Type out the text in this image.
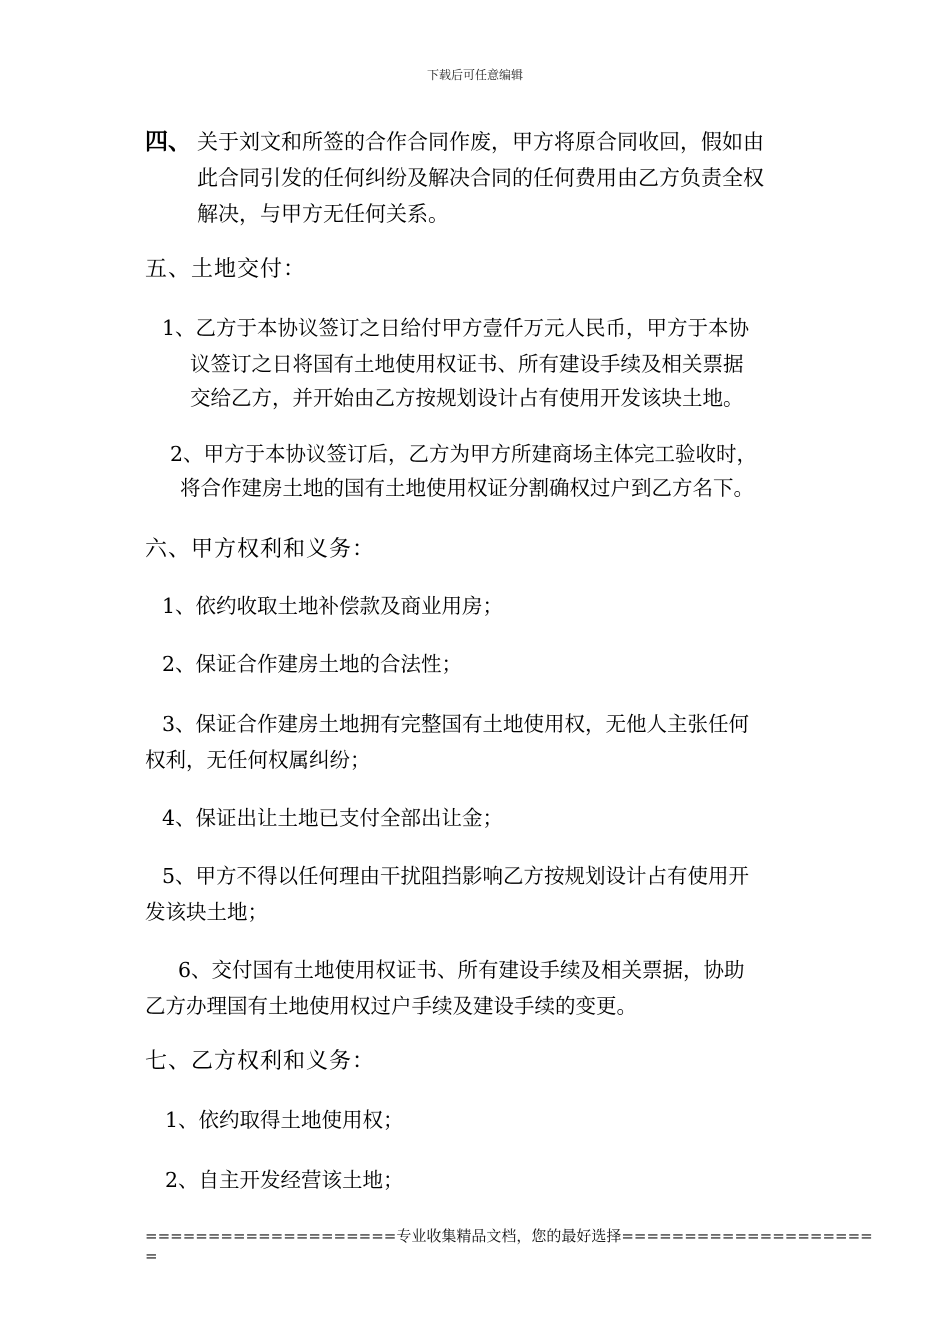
下载后可任意编辑
四、 关于刘文和所签的合作合同作废，甲方将原合同收回，假如由
此合同引发的任何纠纷及解决合同的任何费用由乙方负责全权
解决，与甲方无任何关系。
五、土地交付：
1、乙方于本协议签订之日给付甲方壹仟万元人民币，甲方于本协
议签订之日将国有土地使用权证书、所有建设手续及相关票据
交给乙方，并开始由乙方按规划设计占有使用开发该块土地。
2、甲方于本协议签订后，乙方为甲方所建商场主体完工验收时，
将合作建房土地的国有土地使用权证分割确权过户到乙方名下。
六、甲方权利和义务：
1、依约收取土地补偿款及商业用房；
2、保证合作建房土地的合法性；
3、保证合作建房土地拥有完整国有土地使用权，无他人主张任何
权利，无任何权属纠纷；
4、保证出让土地已支付全部出让金；
5、甲方不得以任何理由干扰阻挡影响乙方按规划设计占有使用开
发该块土地；
6、交付国有土地使用权证书、所有建设手续及相关票据，协助
乙方办理国有土地使用权过户手续及建设手续的变更。
七、乙方权利和义务：
1、依约取得土地使用权；
2、自主开发经营该土地；
====================专业收集精品文档，您的最好选择====================
=
